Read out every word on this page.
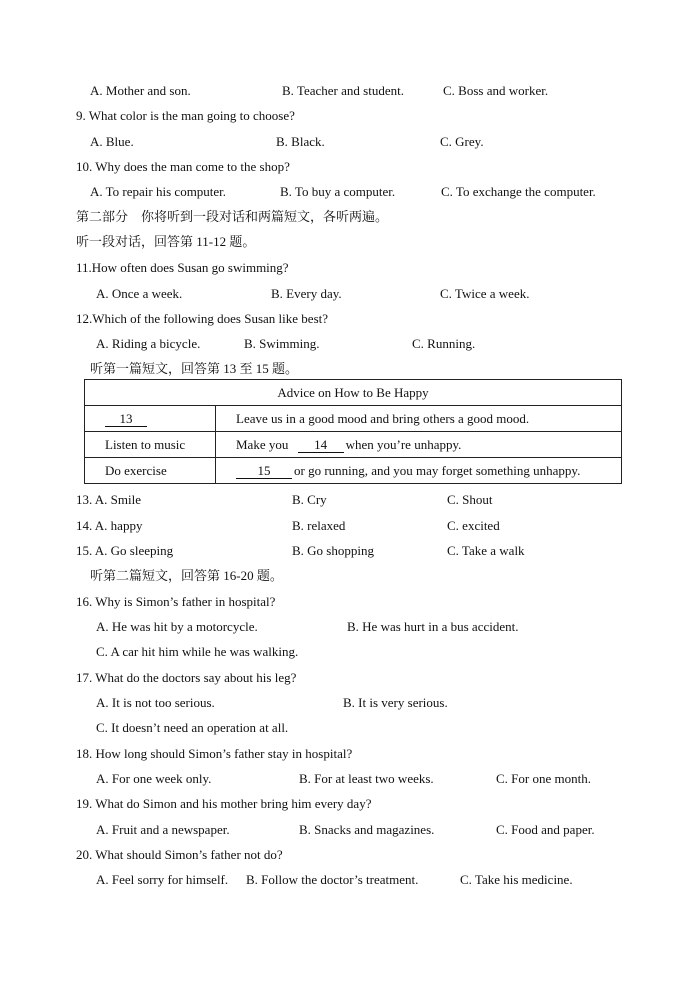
A. Mother and son.	B. Teacher and student.	C. Boss and worker.
9. What color is the man going to choose?
A. Blue.	B. Black.	C. Grey.
10. Why does the man come to the shop?
A. To repair his computer.	B. To buy a computer.	C. To exchange the computer.
第二部分　你将听到一段对话和两篇短文，各听两遍。
听一段对话，回答第 11-12 题。
11.How often does Susan go swimming?
A. Once a week.	B. Every day.	C. Twice a week.
12.Which of the following does Susan like best?
A. Riding a bicycle.	B. Swimming.	C. Running.
听第一篇短文，回答第 13 至 15 题。
Advice on How to Be Happy	
13	Leave us in a good mood and bring others a good mood.
Listen to music	Make you 14 when you’re unhappy.
Do exercise	15 or go running, and you may forget something unhappy.
13. A. Smile	B. Cry	C. Shout
14. A. happy	B. relaxed	C. excited
15. A. Go sleeping	B. Go shopping	C. Take a walk
听第二篇短文，回答第 16-20 题。
16. Why is Simon’s father in hospital?
A. He was hit by a motorcycle.	B. He was hurt in a bus accident.
C. A car hit him while he was walking.
17. What do the doctors say about his leg?
A. It is not too serious.	B. It is very serious.
C. It doesn’t need an operation at all.
18. How long should Simon’s father stay in hospital?
A. For one week only.	B. For at least two weeks.	C. For one month.
19. What do Simon and his mother bring him every day?
A. Fruit and a newspaper.	B. Snacks and magazines.	C. Food and paper.
20. What should Simon’s father not do?
A. Feel sorry for himself. B. Follow the doctor’s treatment.	C. Take his medicine.
